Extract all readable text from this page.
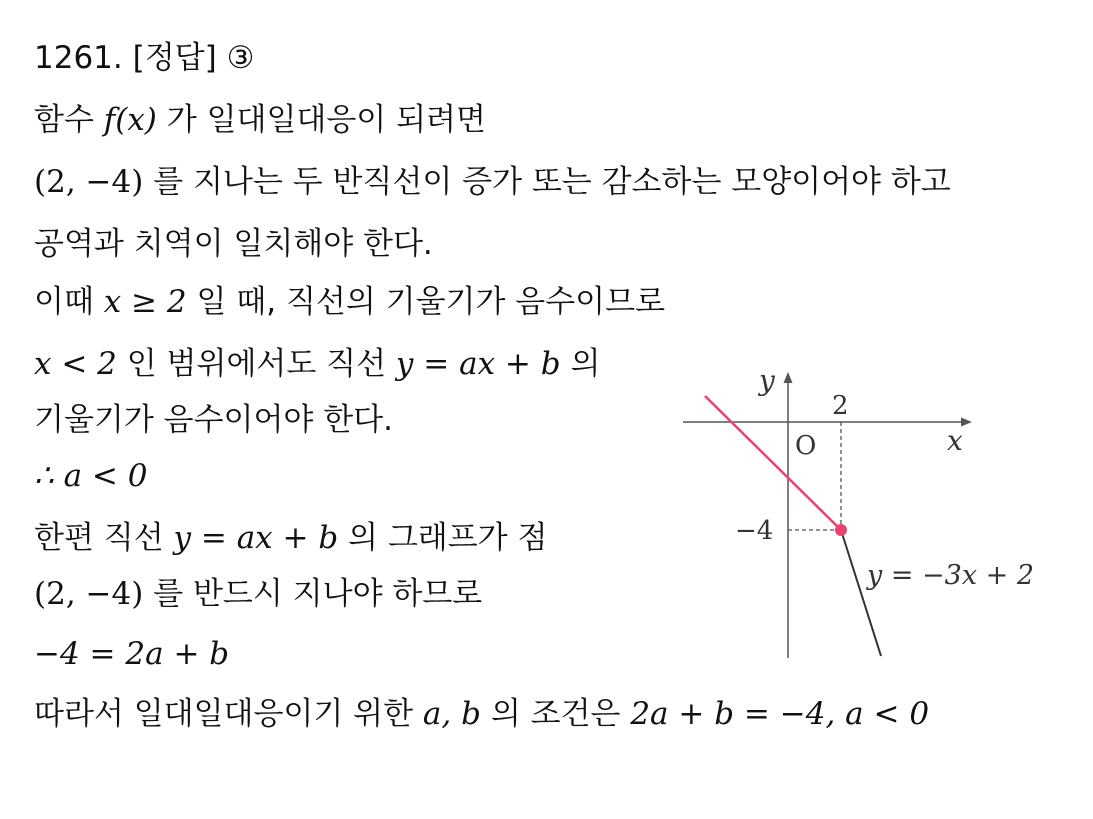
1261. [정답] ③
함수 f(x) 가 일대일대응이 되려면
(2, −4) 를 지나는 두 반직선이 증가 또는 감소하는 모양이어야 하고
공역과 치역이 일치해야 한다.
이때 x ≥ 2 일 때, 직선의 기울기가 음수이므로
x < 2 인 범위에서도 직선 y = ax + b 의
기울기가 음수이어야 한다.
∴ a < 0
한편 직선 y = ax + b 의 그래프가 점
(2, −4) 를 반드시 지나야 하므로
−4 = 2a + b
따라서 일대일대응이기 위한 a, b 의 조건은 2a + b = −4, a < 0
y
x
O
2
−4
y = −3x + 2
